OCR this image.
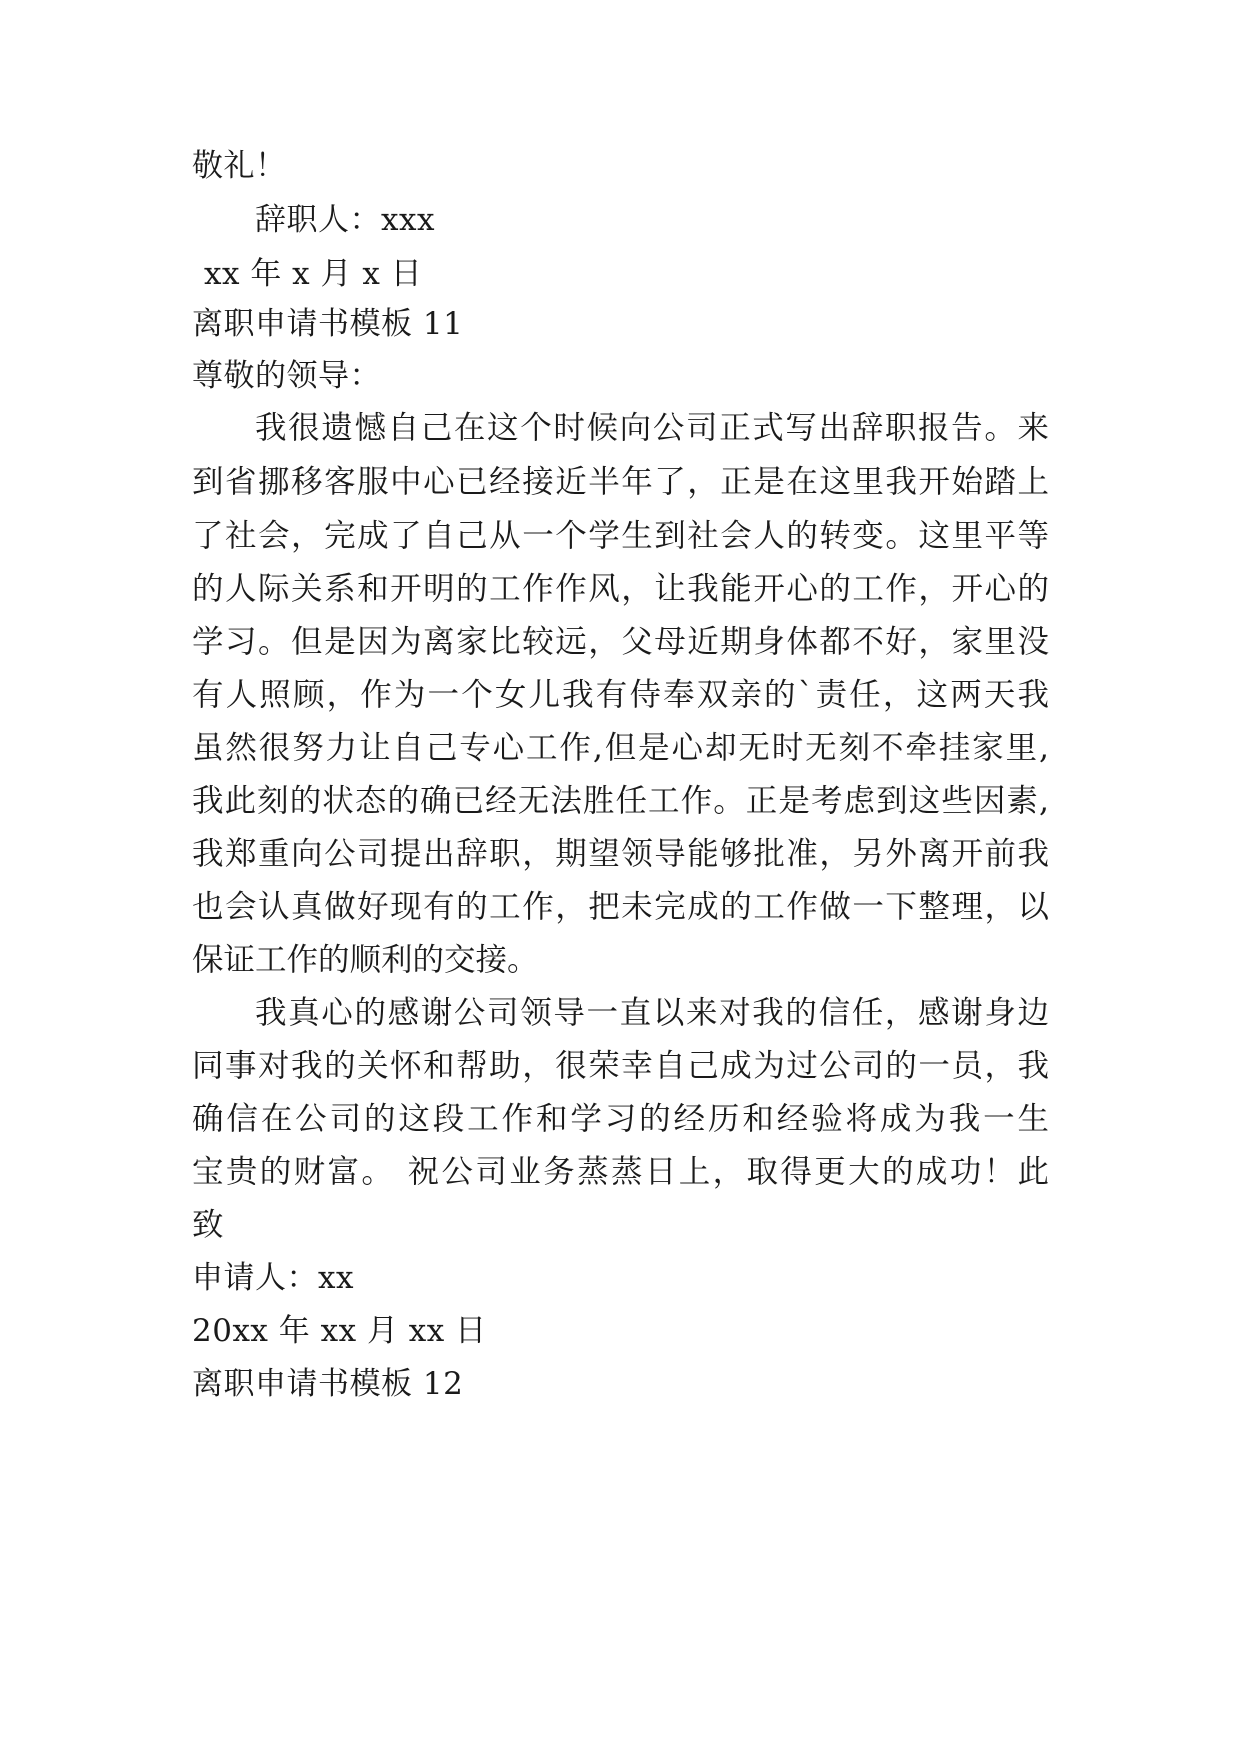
敬礼！
辞职人：xxx
xx 年 x 月 x 日
离职申请书模板 11
尊敬的领导：
我很遗憾自己在这个时候向公司正式写出辞职报告。来
到省挪移客服中心已经接近半年了，正是在这里我开始踏上
了社会，完成了自己从一个学生到社会人的转变。这里平等
的人际关系和开明的工作作风，让我能开心的工作，开心的
学习。但是因为离家比较远，父母近期身体都不好，家里没
有人照顾，作为一个女儿我有侍奉双亲的`责任，这两天我
虽然很努力让自己专心工作,但是心却无时无刻不牵挂家里,
我此刻的状态的确已经无法胜任工作。正是考虑到这些因素,
我郑重向公司提出辞职，期望领导能够批准，另外离开前我
也会认真做好现有的工作，把未完成的工作做一下整理，以
保证工作的顺利的交接。
我真心的感谢公司领导一直以来对我的信任，感谢身边
同事对我的关怀和帮助，很荣幸自己成为过公司的一员，我
确信在公司的这段工作和学习的经历和经验将成为我一生
宝贵的财富。 祝公司业务蒸蒸日上，取得更大的成功！此
致
申请人：xx
20xx 年 xx 月 xx 日
离职申请书模板 12
